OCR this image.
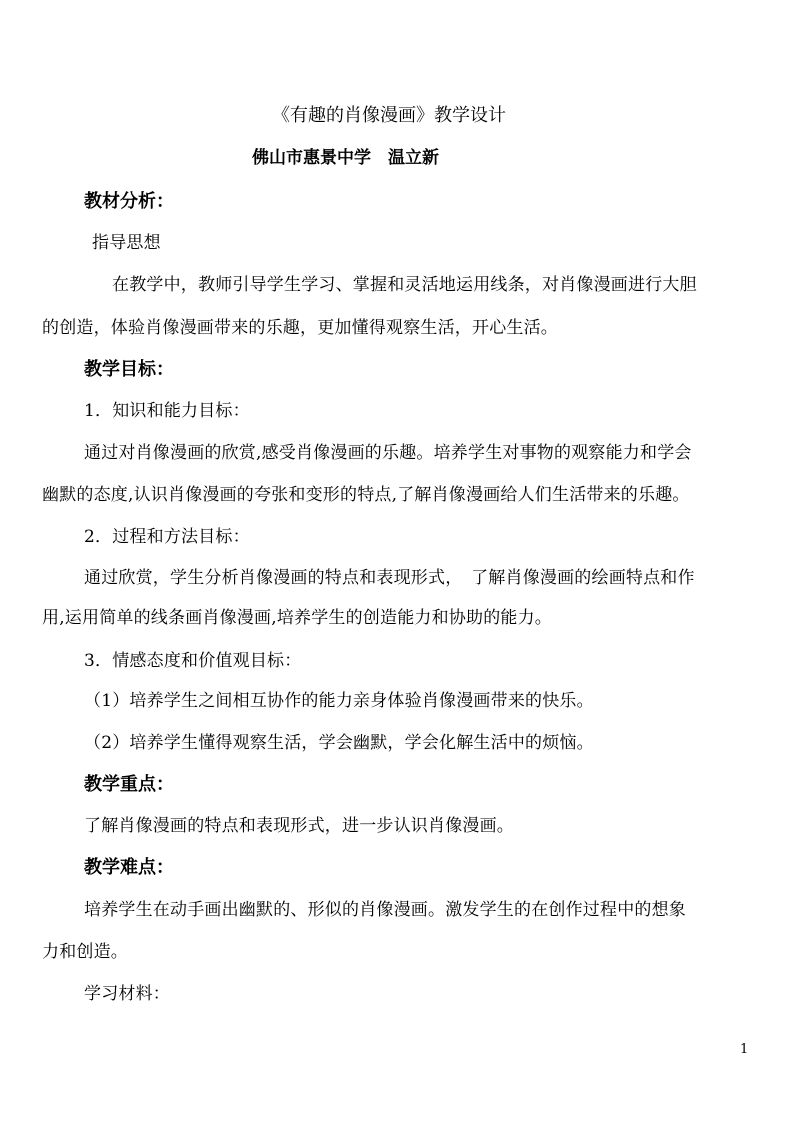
《有趣的肖像漫画》教学设计
佛山市惠景中学　温立新
教材分析：
指导思想
在教学中，教师引导学生学习、掌握和灵活地运用线条，对肖像漫画进行大胆
的创造，体验肖像漫画带来的乐趣，更加懂得观察生活，开心生活。
教学目标：
1．知识和能力目标：
通过对肖像漫画的欣赏,感受肖像漫画的乐趣。培养学生对事物的观察能力和学会
幽默的态度,认识肖像漫画的夸张和变形的特点,了解肖像漫画给人们生活带来的乐趣。
2．过程和方法目标：
通过欣赏，学生分析肖像漫画的特点和表现形式，　了解肖像漫画的绘画特点和作
用,运用简单的线条画肖像漫画,培养学生的创造能力和协助的能力。
3．情感态度和价值观目标：
（1）培养学生之间相互协作的能力亲身体验肖像漫画带来的快乐。
（2）培养学生懂得观察生活，学会幽默，学会化解生活中的烦恼。
教学重点：
了解肖像漫画的特点和表现形式，进一步认识肖像漫画。
教学难点：
培养学生在动手画出幽默的、形似的肖像漫画。激发学生的在创作过程中的想象
力和创造。
学习材料：
1
